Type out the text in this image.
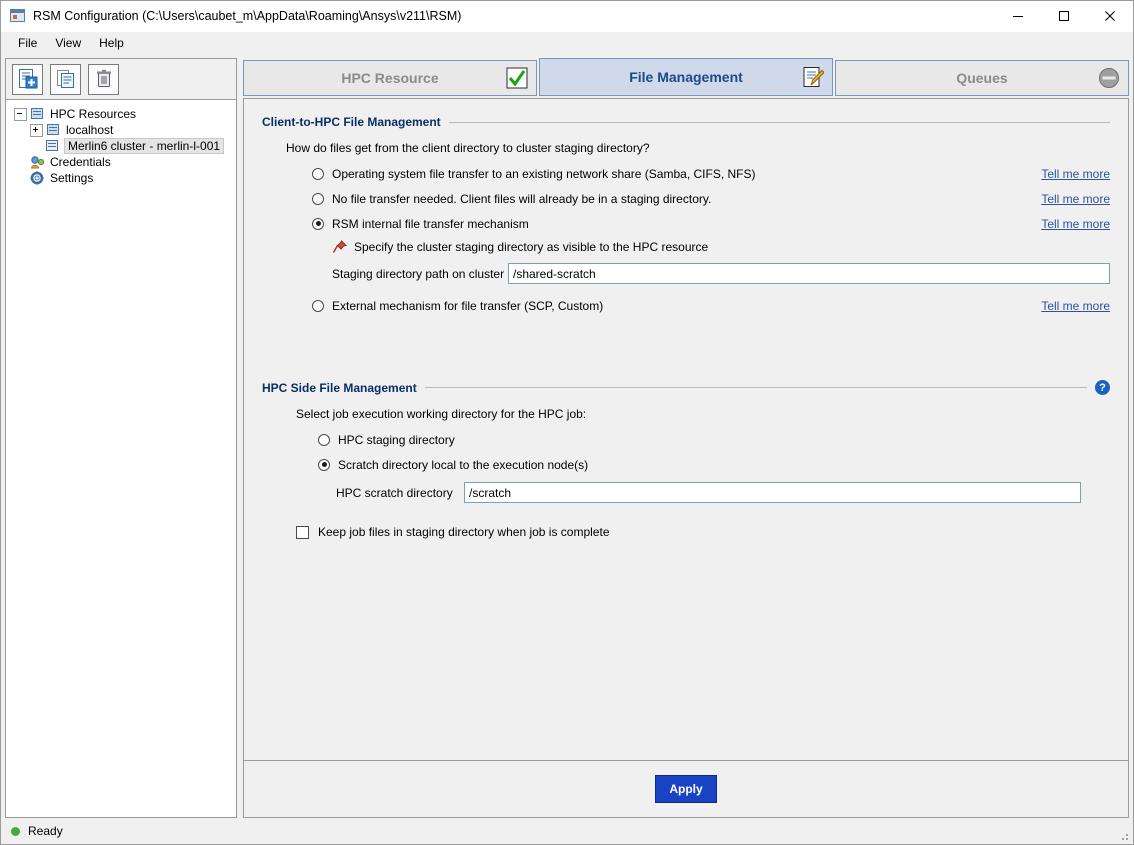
RSM Configuration (C:\Users\caubet_m\AppData\Roaming\Ansys\v211\RSM)
File	View	Help
HPC Resources
localhost
Merlin6 cluster - merlin-l-001
Credentials
Settings
HPC Resource	File Management	Queues
Client-to-HPC File Management
How do files get from the client directory to cluster staging directory?
Operating system file transfer to an existing network share (Samba, CIFS, NFS)	Tell me more
No file transfer needed. Client files will already be in a staging directory.	Tell me more
RSM internal file transfer mechanism	Tell me more
Specify the cluster staging directory as visible to the HPC resource
Staging directory path on cluster
/shared-scratch
External mechanism for file transfer (SCP, Custom)	Tell me more
HPC Side File Management	?
Select job execution working directory for the HPC job:
HPC staging directory
Scratch directory local to the execution node(s)
HPC scratch directory
/scratch
Keep job files in staging directory when job is complete
Apply
Ready
